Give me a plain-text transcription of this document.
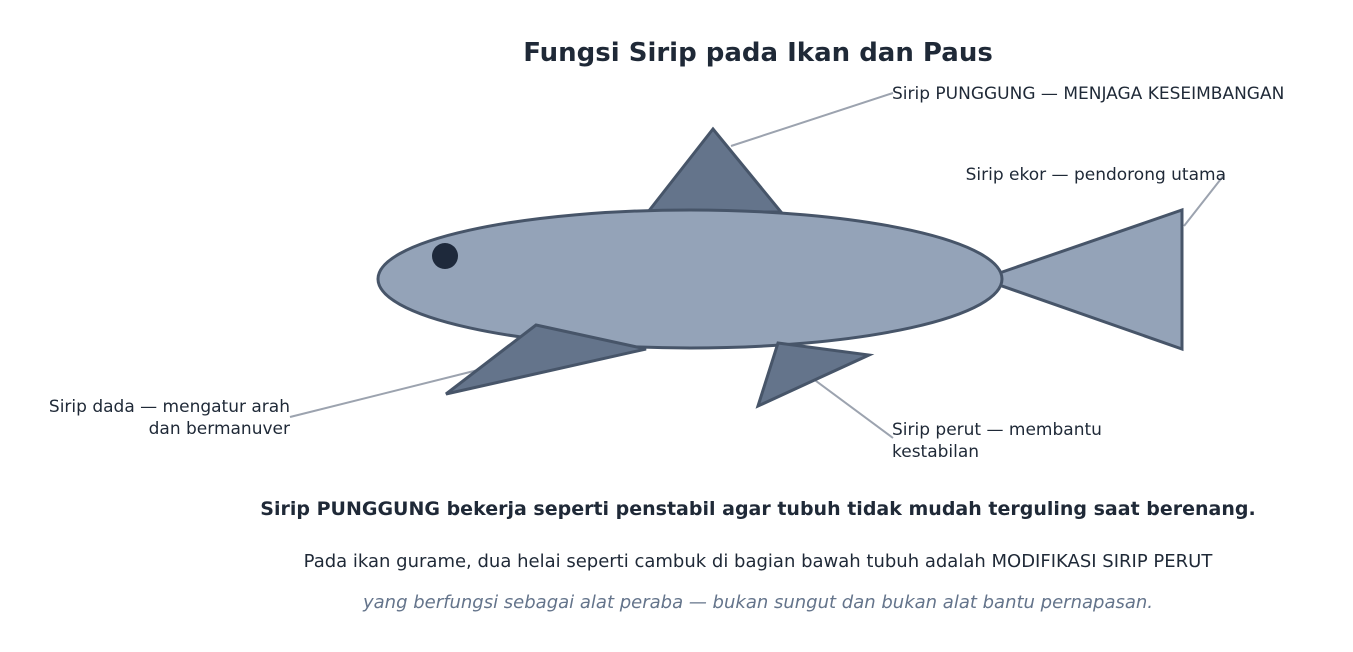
Fungsi Sirip pada Ikan dan Paus
Sirip PUNGGUNG — MENJAGA KESEIMBANGAN
Sirip ekor — pendorong utama
Sirip dada — mengatur arah
dan bermanuver	Sirip perut — membantu
kestabilan
Sirip PUNGGUNG bekerja seperti penstabil agar tubuh tidak mudah terguling saat berenang.
Pada ikan gurame, dua helai seperti cambuk di bagian bawah tubuh adalah MODIFIKASI SIRIP PERUT
yang berfungsi sebagai alat peraba — bukan sungut dan bukan alat bantu pernapasan.
